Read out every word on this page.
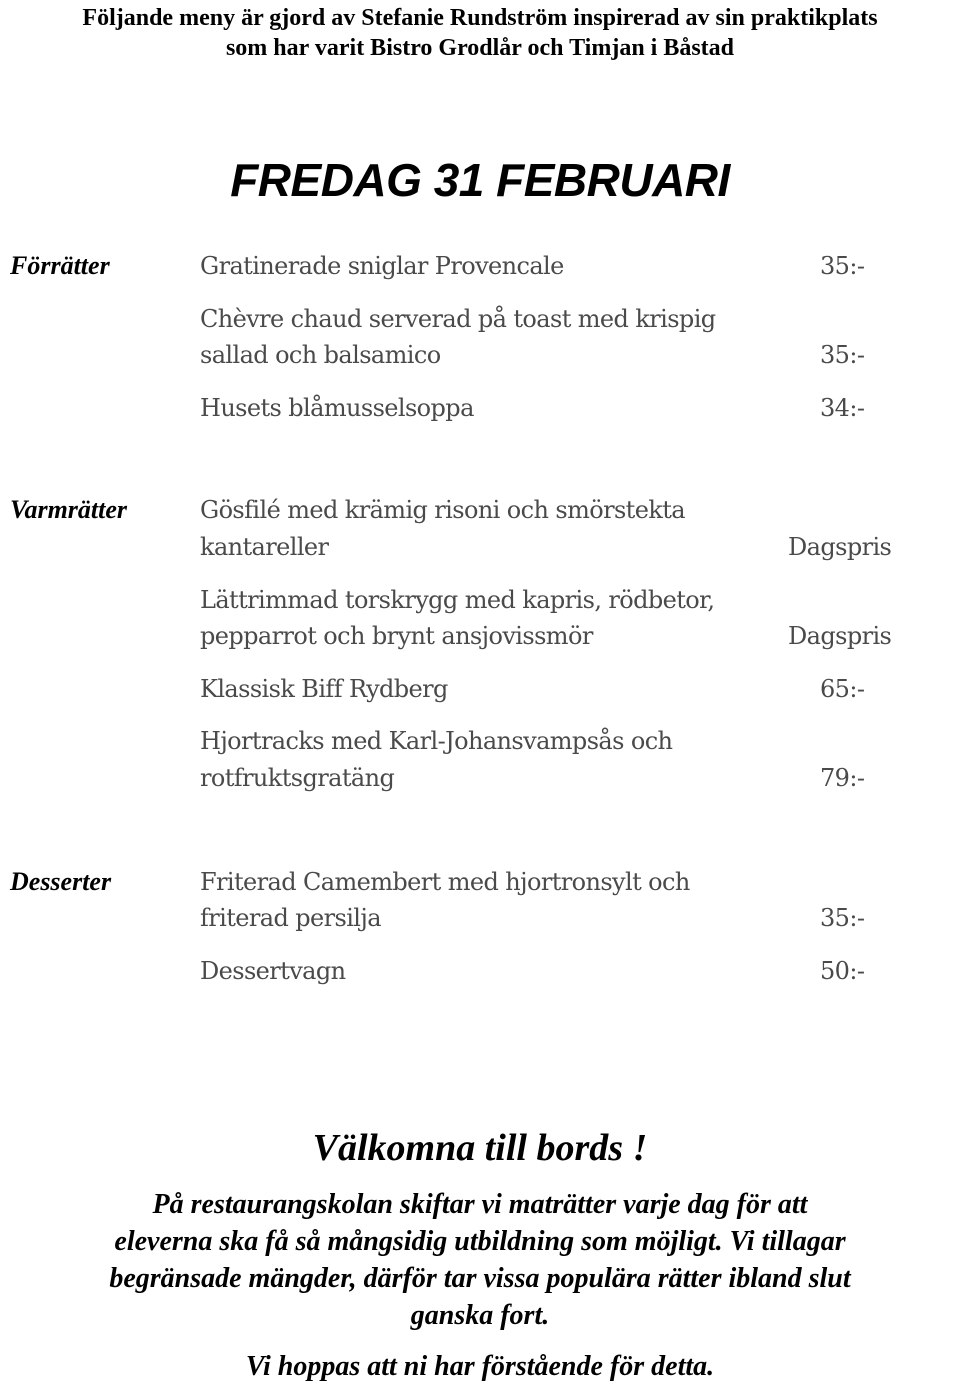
Följande meny är gjord av Stefanie Rundström inspirerad av sin praktikplats
som har varit Bistro Grodlår och Timjan i Båstad
FREDAG 31 FEBRUARI
Förrätter	Gratinerade sniglar Provencale	35:-
Chèvre chaud serverad på toast med krispig
sallad och balsamico	35:-
Husets blåmusselsoppa	34:-
Varmrätter	Gösfilé med krämig risoni och smörstekta
kantareller	Dagspris
Lättrimmad torskrygg med kapris, rödbetor,
pepparrot och brynt ansjovissmör	Dagspris
Klassisk Biff Rydberg	65:-
Hjortracks med Karl-Johansvampsås och
rotfruktsgratäng	79:-
Desserter	Friterad Camembert med hjortronsylt och
friterad persilja	35:-
Dessertvagn	50:-
Välkomna till bords !
På restaurangskolan skiftar vi maträtter varje dag för att
eleverna ska få så mångsidig utbildning som möjligt. Vi tillagar
begränsade mängder, därför tar vissa populära rätter ibland slut
ganska fort.
Vi hoppas att ni har förstående för detta.
